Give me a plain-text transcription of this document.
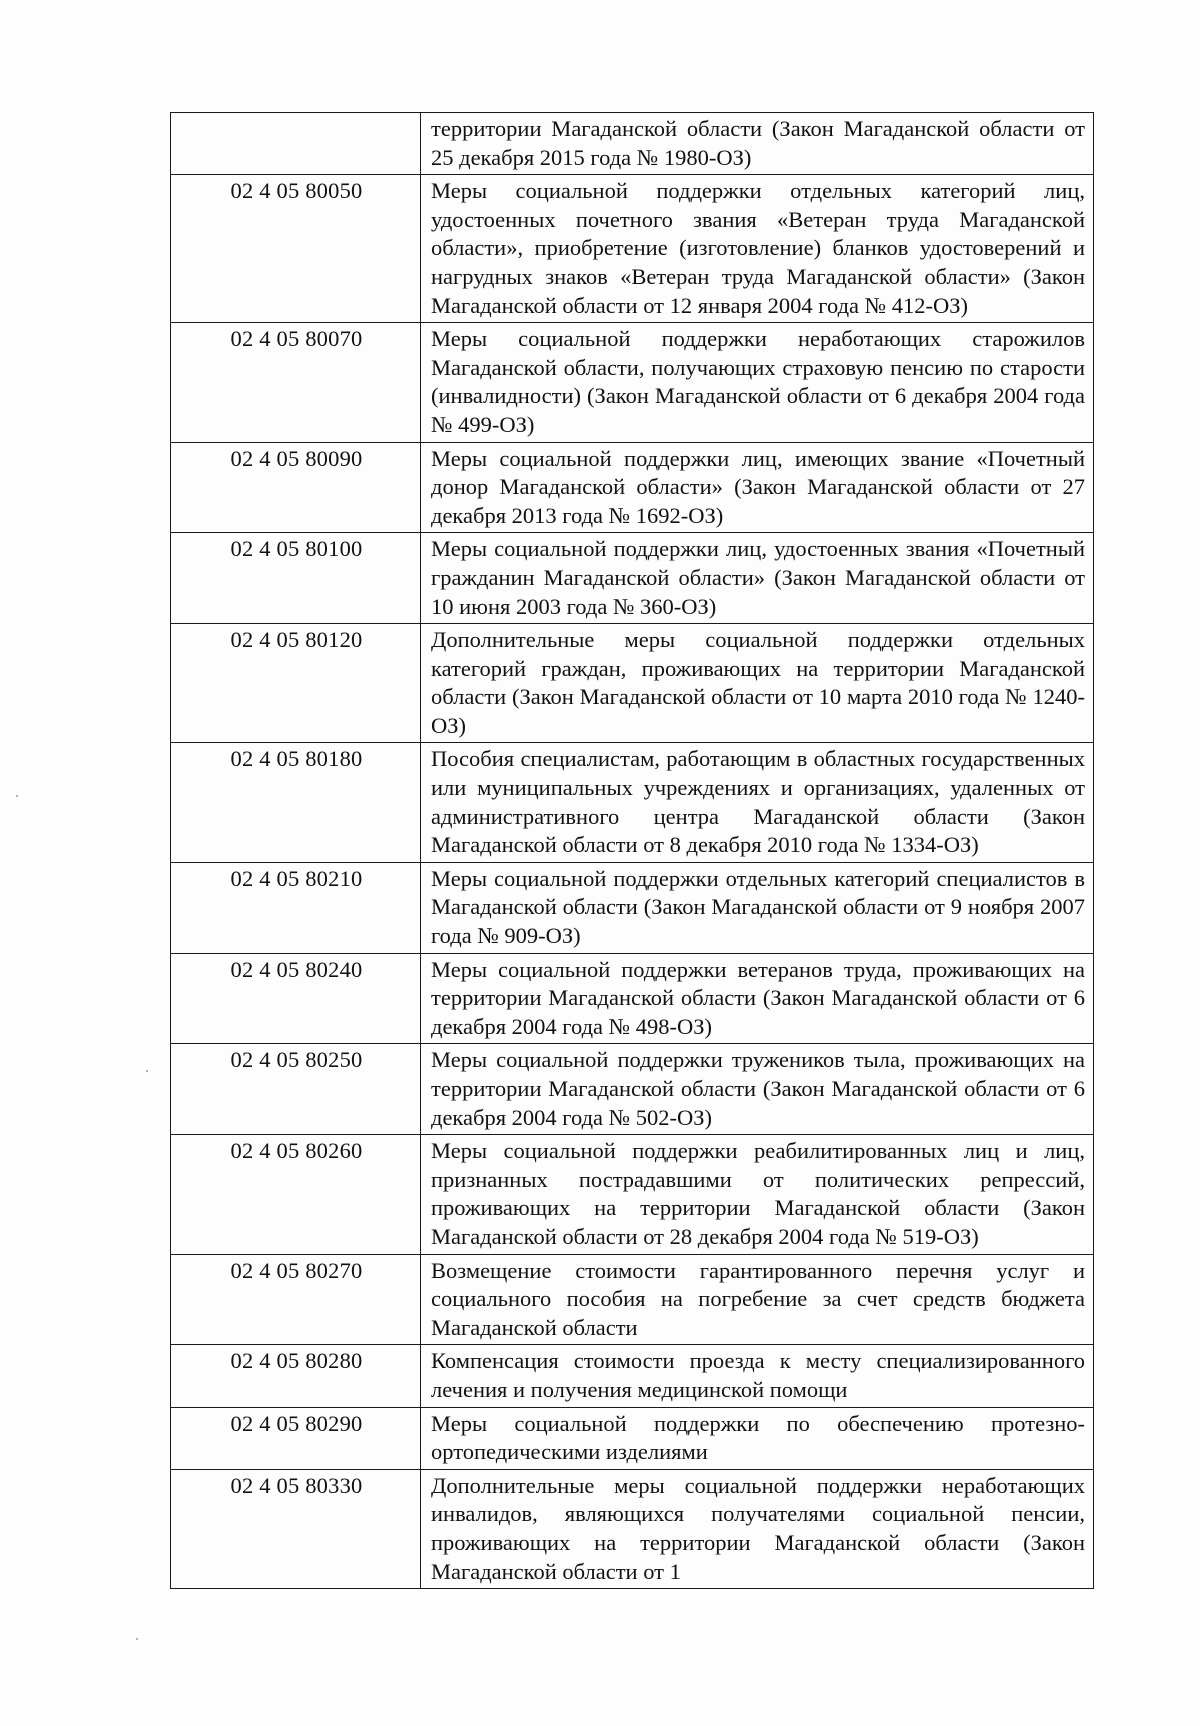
	территории Магаданской области (Закон Магаданской области от 25 декабря 2015 года № 1980-ОЗ)
02 4 05 80050	Меры социальной поддержки отдельных категорий лиц, удостоенных почетного звания «Ветеран труда Магаданской области», приобретение (изготовление) бланков удостоверений и нагрудных знаков «Ветеран труда Магаданской области» (Закон Магаданской области от 12 января 2004 года № 412-ОЗ)
02 4 05 80070	Меры социальной поддержки неработающих старожилов Магаданской области, получающих страховую пенсию по старости (инвалидности) (Закон Магаданской области от 6 декабря 2004 года № 499-ОЗ)
02 4 05 80090	Меры социальной поддержки лиц, имеющих звание «Почетный донор Магаданской области» (Закон Магаданской области от 27 декабря 2013 года № 1692-ОЗ)
02 4 05 80100	Меры социальной поддержки лиц, удостоенных звания «Почетный гражданин Магаданской области» (Закон Магаданской области от 10 июня 2003 года № 360-ОЗ)
02 4 05 80120	Дополнительные меры социальной поддержки отдельных категорий граждан, проживающих на территории Магаданской области (Закон Магаданской области от 10 марта 2010 года № 1240-ОЗ)
02 4 05 80180	Пособия специалистам, работающим в областных государственных или муниципальных учреждениях и организациях, удаленных от административного центра Магаданской области (Закон Магаданской области от 8 декабря 2010 года № 1334-ОЗ)
02 4 05 80210	Меры социальной поддержки отдельных категорий специалистов в Магаданской области (Закон Магаданской области от 9 ноября 2007 года № 909-ОЗ)
02 4 05 80240	Меры социальной поддержки ветеранов труда, проживающих на территории Магаданской области (Закон Магаданской области от 6 декабря 2004 года № 498-ОЗ)
02 4 05 80250	Меры социальной поддержки тружеников тыла, проживающих на территории Магаданской области (Закон Магаданской области от 6 декабря 2004 года № 502-ОЗ)
02 4 05 80260	Меры социальной поддержки реабилитированных лиц и лиц, признанных пострадавшими от политических репрессий, проживающих на территории Магаданской области (Закон Магаданской области от 28 декабря 2004 года № 519-ОЗ)
02 4 05 80270	Возмещение стоимости гарантированного перечня услуг и социального пособия на погребение за счет средств бюджета Магаданской области
02 4 05 80280	Компенсация стоимости проезда к месту специализированного лечения и получения медицинской помощи
02 4 05 80290	Меры социальной поддержки по обеспечению протезно-ортопедическими изделиями
02 4 05 80330	Дополнительные меры социальной поддержки неработающих инвалидов, являющихся получателями социальной пенсии, проживающих на территории Магаданской области (Закон Магаданской области от 1
